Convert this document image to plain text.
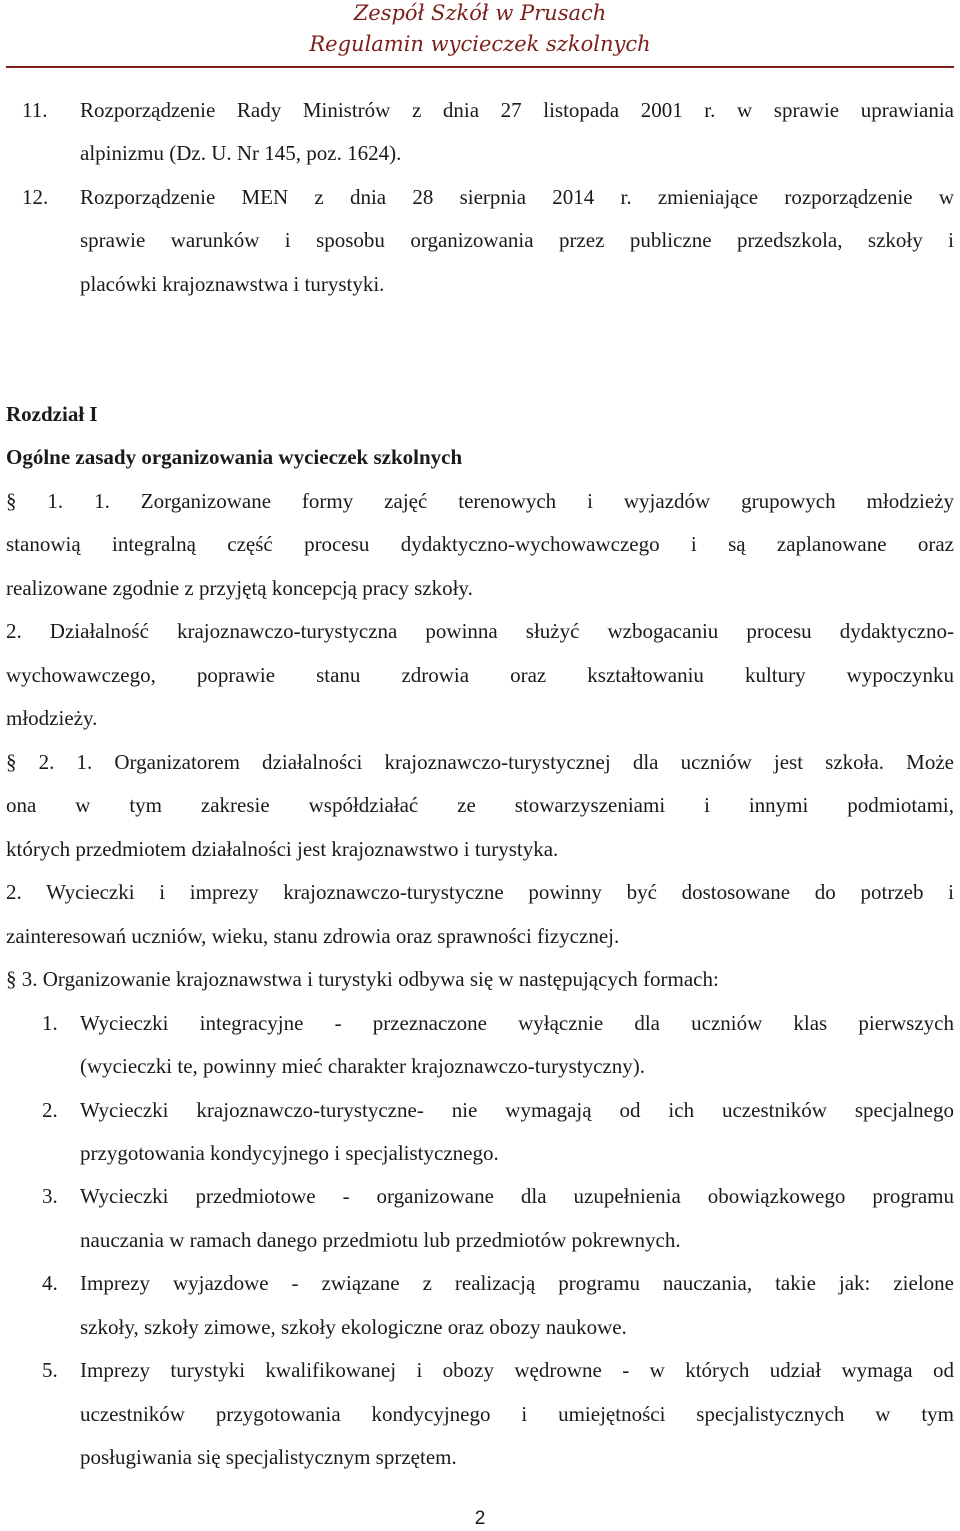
Zespół Szkół w Prusach
Regulamin wycieczek szkolnych
11. Rozporządzenie Rady Ministrów z dnia 27 listopada 2001 r. w sprawie uprawiania
alpinizmu (Dz. U. Nr 145, poz. 1624).
12. Rozporządzenie MEN z dnia 28 sierpnia 2014 r. zmieniające rozporządzenie w
sprawie warunków i sposobu organizowania przez publiczne przedszkola, szkoły i
placówki krajoznawstwa i turystyki.
Rozdział I
Ogólne zasady organizowania wycieczek szkolnych
§ 1. 1. Zorganizowane formy zajęć terenowych i wyjazdów grupowych młodzieży
stanowią integralną część procesu dydaktyczno-wychowawczego i są zaplanowane oraz
realizowane zgodnie z przyjętą koncepcją pracy szkoły.
2. Działalność krajoznawczo-turystyczna powinna służyć wzbogacaniu procesu dydaktyczno-
wychowawczego, poprawie stanu zdrowia oraz kształtowaniu kultury wypoczynku
młodzieży.
§ 2. 1. Organizatorem działalności krajoznawczo-turystycznej dla uczniów jest szkoła. Może
ona w tym zakresie współdziałać ze stowarzyszeniami i innymi podmiotami,
których przedmiotem działalności jest krajoznawstwo i turystyka.
2. Wycieczki i imprezy krajoznawczo-turystyczne powinny być dostosowane do potrzeb i
zainteresowań uczniów, wieku, stanu zdrowia oraz sprawności fizycznej.
§ 3. Organizowanie krajoznawstwa i turystyki odbywa się w następujących formach:
1. Wycieczki integracyjne - przeznaczone wyłącznie dla uczniów klas pierwszych
(wycieczki te, powinny mieć charakter krajoznawczo-turystyczny).
2. Wycieczki krajoznawczo-turystyczne- nie wymagają od ich uczestników specjalnego
przygotowania kondycyjnego i specjalistycznego.
3. Wycieczki przedmiotowe - organizowane dla uzupełnienia obowiązkowego programu
nauczania w ramach danego przedmiotu lub przedmiotów pokrewnych.
4. Imprezy wyjazdowe - związane z realizacją programu nauczania, takie jak: zielone
szkoły, szkoły zimowe, szkoły ekologiczne oraz obozy naukowe.
5. Imprezy turystyki kwalifikowanej i obozy wędrowne - w których udział wymaga od
uczestników przygotowania kondycyjnego i umiejętności specjalistycznych w tym
posługiwania się specjalistycznym sprzętem.
2
